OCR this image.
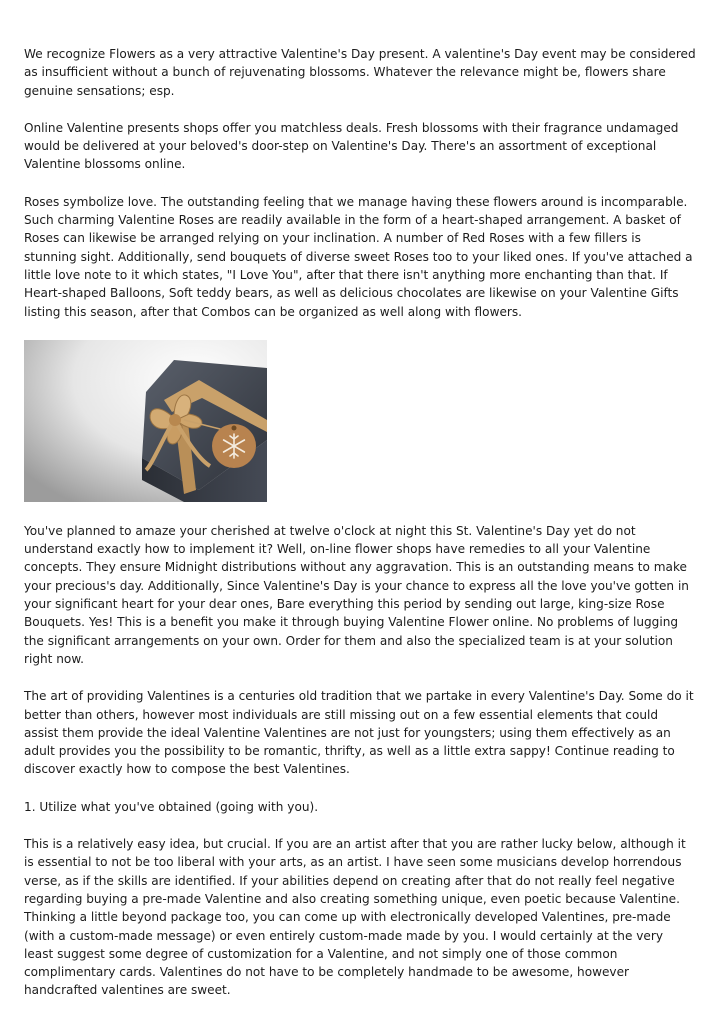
We recognize Flowers as a very attractive Valentine's Day present. A valentine's Day event may be considered as insufficient without a bunch of rejuvenating blossoms. Whatever the relevance might be, flowers share genuine sensations; esp.

Online Valentine presents shops offer you matchless deals. Fresh blossoms with their fragrance undamaged would be delivered at your beloved's door-step on Valentine's Day. There's an assortment of exceptional Valentine blossoms online.

Roses symbolize love. The outstanding feeling that we manage having these flowers around is incomparable. Such charming Valentine Roses are readily available in the form of a heart-shaped arrangement. A basket of Roses can likewise be arranged relying on your inclination. A number of Red Roses with a few fillers is stunning sight. Additionally, send bouquets of diverse sweet Roses too to your liked ones. If you've attached a little love note to it which states, "I Love You", after that there isn't anything more enchanting than that. If Heart-shaped Balloons, Soft teddy bears, as well as delicious chocolates are likewise on your Valentine Gifts listing this season, after that Combos can be organized as well along with flowers.

You've planned to amaze your cherished at twelve o'clock at night this St. Valentine's Day yet do not understand exactly how to implement it? Well, on-line flower shops have remedies to all your Valentine concepts. They ensure Midnight distributions without any aggravation. This is an outstanding means to make your precious's day. Additionally, Since Valentine's Day is your chance to express all the love you've gotten in your significant heart for your dear ones, Bare everything this period by sending out large, king-size Rose Bouquets. Yes! This is a benefit you make it through buying Valentine Flower online. No problems of lugging the significant arrangements on your own. Order for them and also the specialized team is at your solution right now.

The art of providing Valentines is a centuries old tradition that we partake in every Valentine's Day. Some do it better than others, however most individuals are still missing out on a few essential elements that could assist them provide the ideal Valentine Valentines are not just for youngsters; using them effectively as an adult provides you the possibility to be romantic, thrifty, as well as a little extra sappy! Continue reading to discover exactly how to compose the best Valentines.

1. Utilize what you've obtained (going with you).

This is a relatively easy idea, but crucial. If you are an artist after that you are rather lucky below, although it is essential to not be too liberal with your arts, as an artist. I have seen some musicians develop horrendous verse, as if the skills are identified. If your abilities depend on creating after that do not really feel negative regarding buying a pre-made Valentine and also creating something unique, even poetic because Valentine. Thinking a little beyond package too, you can come up with electronically developed Valentines, pre-made (with a custom-made message) or even entirely custom-made made by you. I would certainly at the very least suggest some degree of customization for a Valentine, and not simply one of those common complimentary cards. Valentines do not have to be completely handmade to be awesome, however handcrafted valentines are sweet.
